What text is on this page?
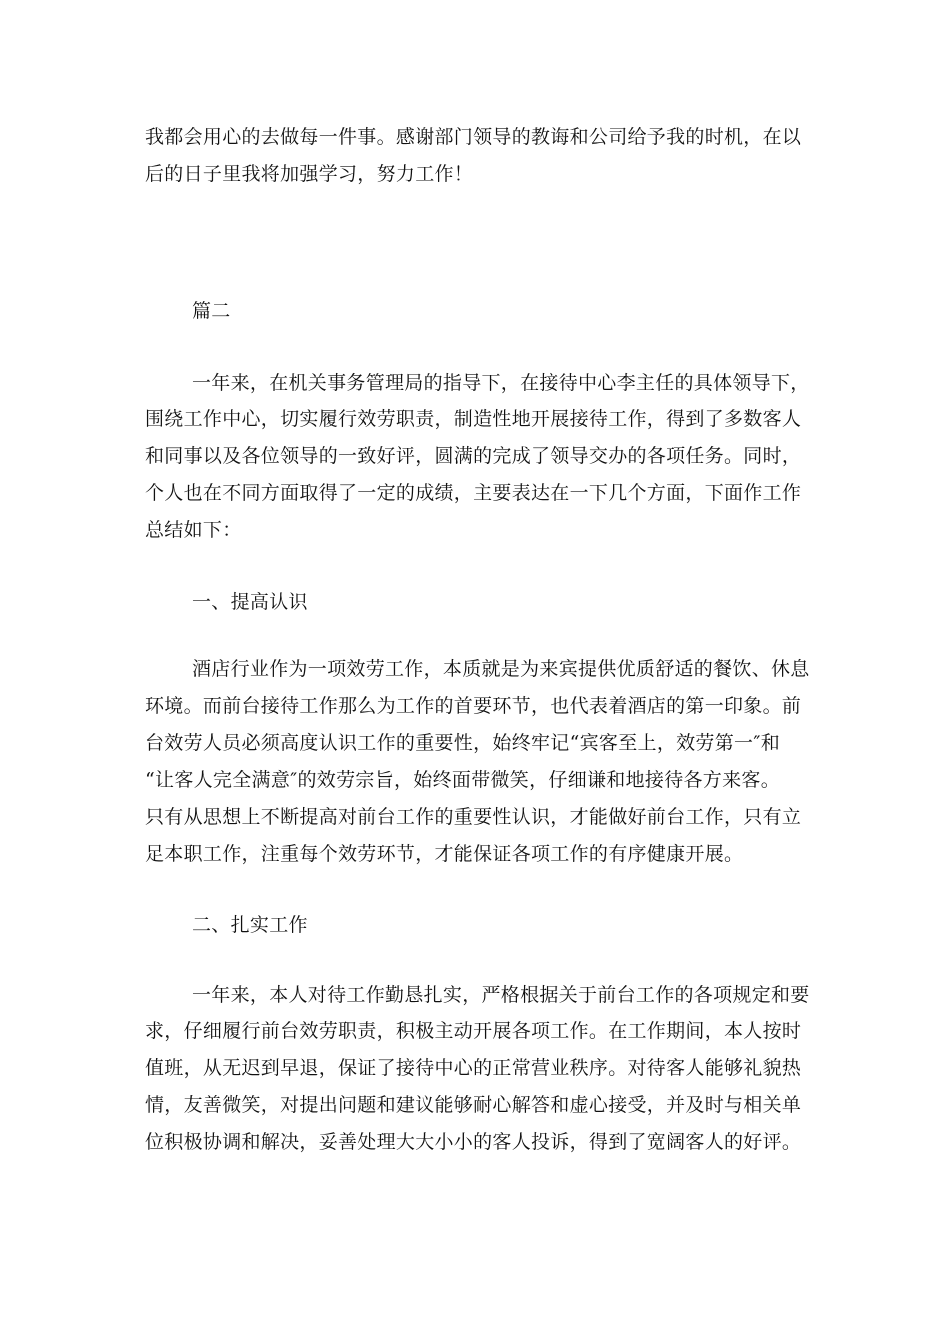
我都会用心的去做每一件事。感谢部门领导的教诲和公司给予我的时机，在以
后的日子里我将加强学习，努力工作！
篇二
一年来，在机关事务管理局的指导下，在接待中心李主任的具体领导下，
围绕工作中心，切实履行效劳职责，制造性地开展接待工作，得到了多数客人
和同事以及各位领导的一致好评，圆满的完成了领导交办的各项任务。同时，
个人也在不同方面取得了一定的成绩，主要表达在一下几个方面，下面作工作
总结如下：
一、提高认识
酒店行业作为一项效劳工作，本质就是为来宾提供优质舒适的餐饮、休息
环境。而前台接待工作那么为工作的首要环节，也代表着酒店的第一印象。前
台效劳人员必须高度认识工作的重要性，始终牢记“宾客至上，效劳第一″和
“让客人完全满意″的效劳宗旨，始终面带微笑，仔细谦和地接待各方来客。
只有从思想上不断提高对前台工作的重要性认识，才能做好前台工作，只有立
足本职工作，注重每个效劳环节，才能保证各项工作的有序健康开展。
二、扎实工作
一年来，本人对待工作勤恳扎实，严格根据关于前台工作的各项规定和要
求，仔细履行前台效劳职责，积极主动开展各项工作。在工作期间，本人按时
值班，从无迟到早退，保证了接待中心的正常营业秩序。对待客人能够礼貌热
情，友善微笑，对提出问题和建议能够耐心解答和虚心接受，并及时与相关单
位积极协调和解决，妥善处理大大小小的客人投诉，得到了宽阔客人的好评。
